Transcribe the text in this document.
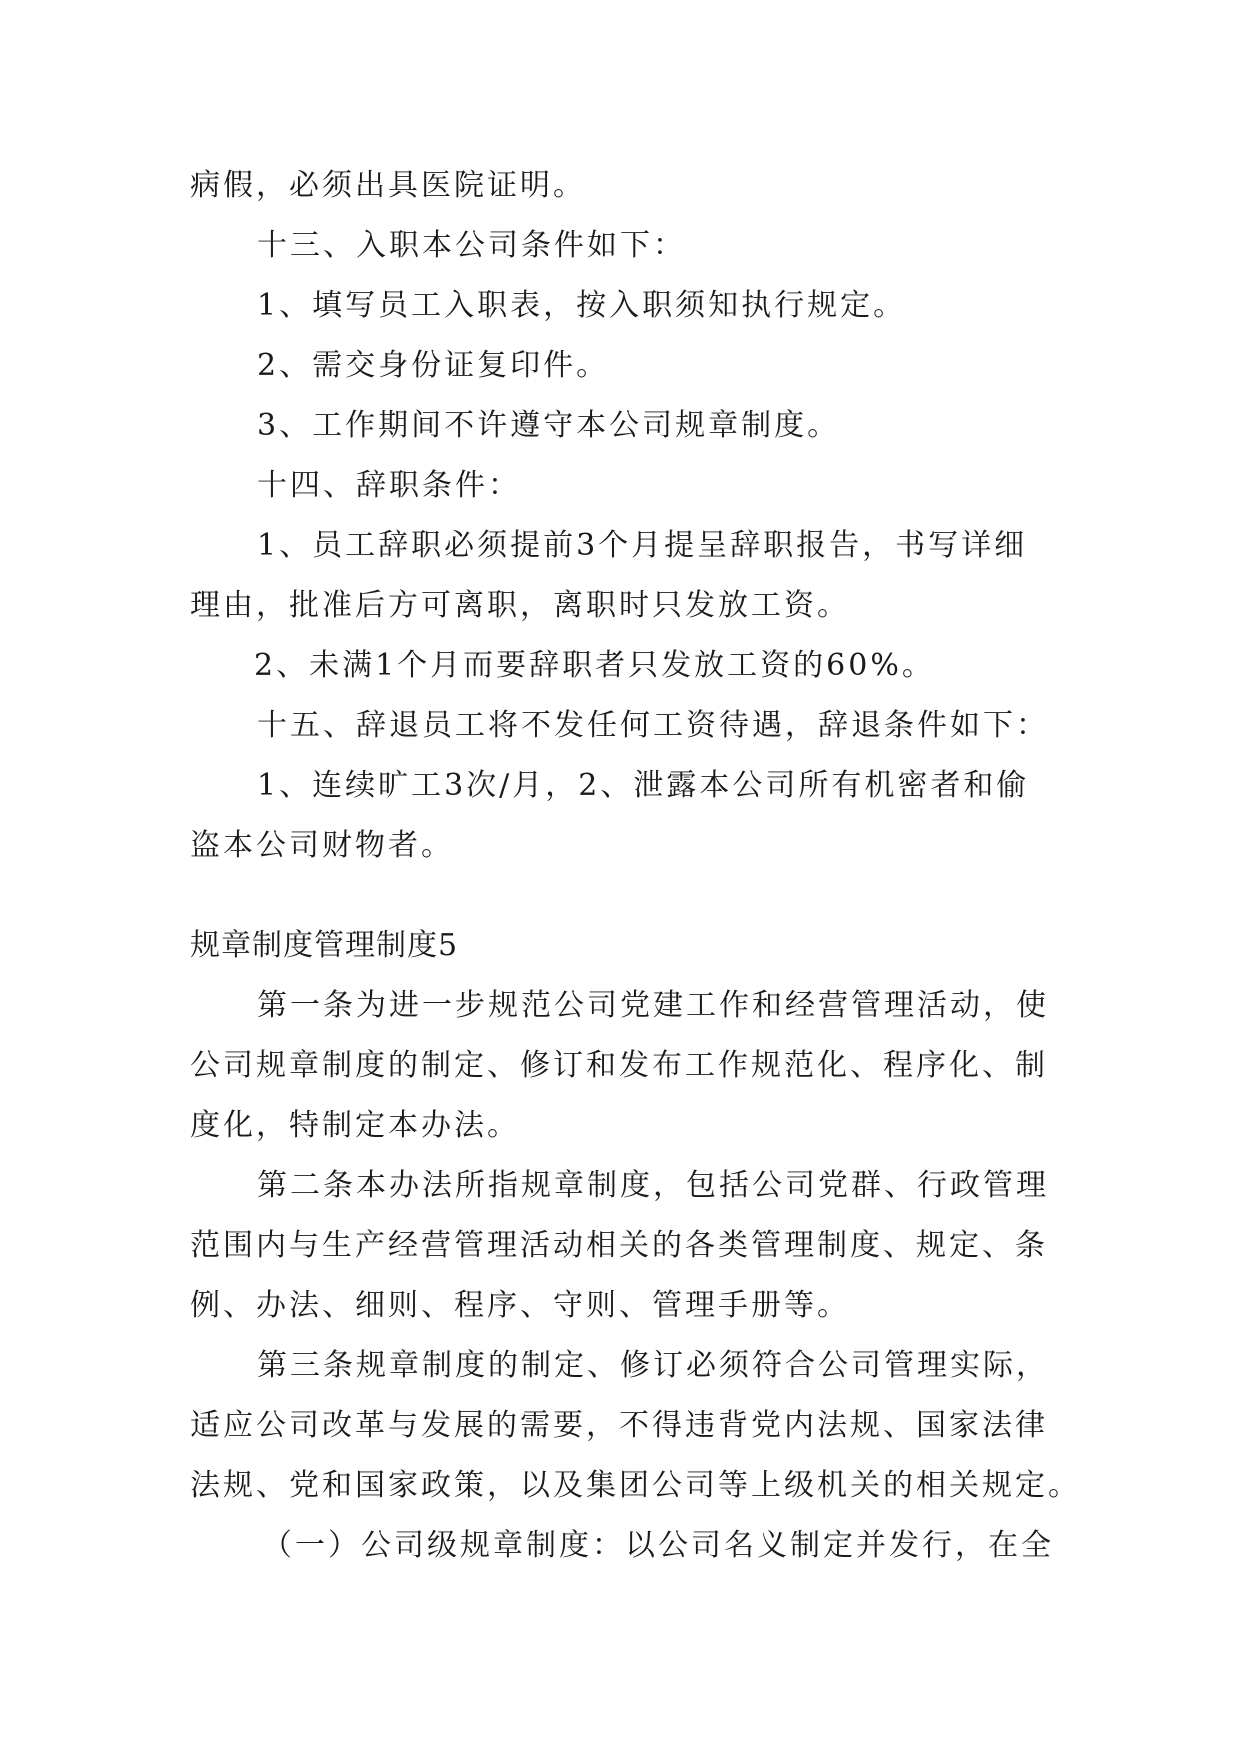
病假，必须出具医院证明。
十三、入职本公司条件如下：
1、填写员工入职表，按入职须知执行规定。
2、需交身份证复印件。
3、工作期间不许遵守本公司规章制度。
十四、辞职条件：
1、员工辞职必须提前3个月提呈辞职报告，书写详细
理由，批准后方可离职，离职时只发放工资。
2、未满1个月而要辞职者只发放工资的60%。
十五、辞退员工将不发任何工资待遇，辞退条件如下：
1、连续旷工3次/月，2、泄露本公司所有机密者和偷
盗本公司财物者。
规章制度管理制度5
第一条为进一步规范公司党建工作和经营管理活动，使
公司规章制度的制定、修订和发布工作规范化、程序化、制
度化，特制定本办法。
第二条本办法所指规章制度，包括公司党群、行政管理
范围内与生产经营管理活动相关的各类管理制度、规定、条
例、办法、细则、程序、守则、管理手册等。
第三条规章制度的制定、修订必须符合公司管理实际，
适应公司改革与发展的需要，不得违背党内法规、国家法律
法规、党和国家政策，以及集团公司等上级机关的相关规定。
（一）公司级规章制度：以公司名义制定并发行，在全
